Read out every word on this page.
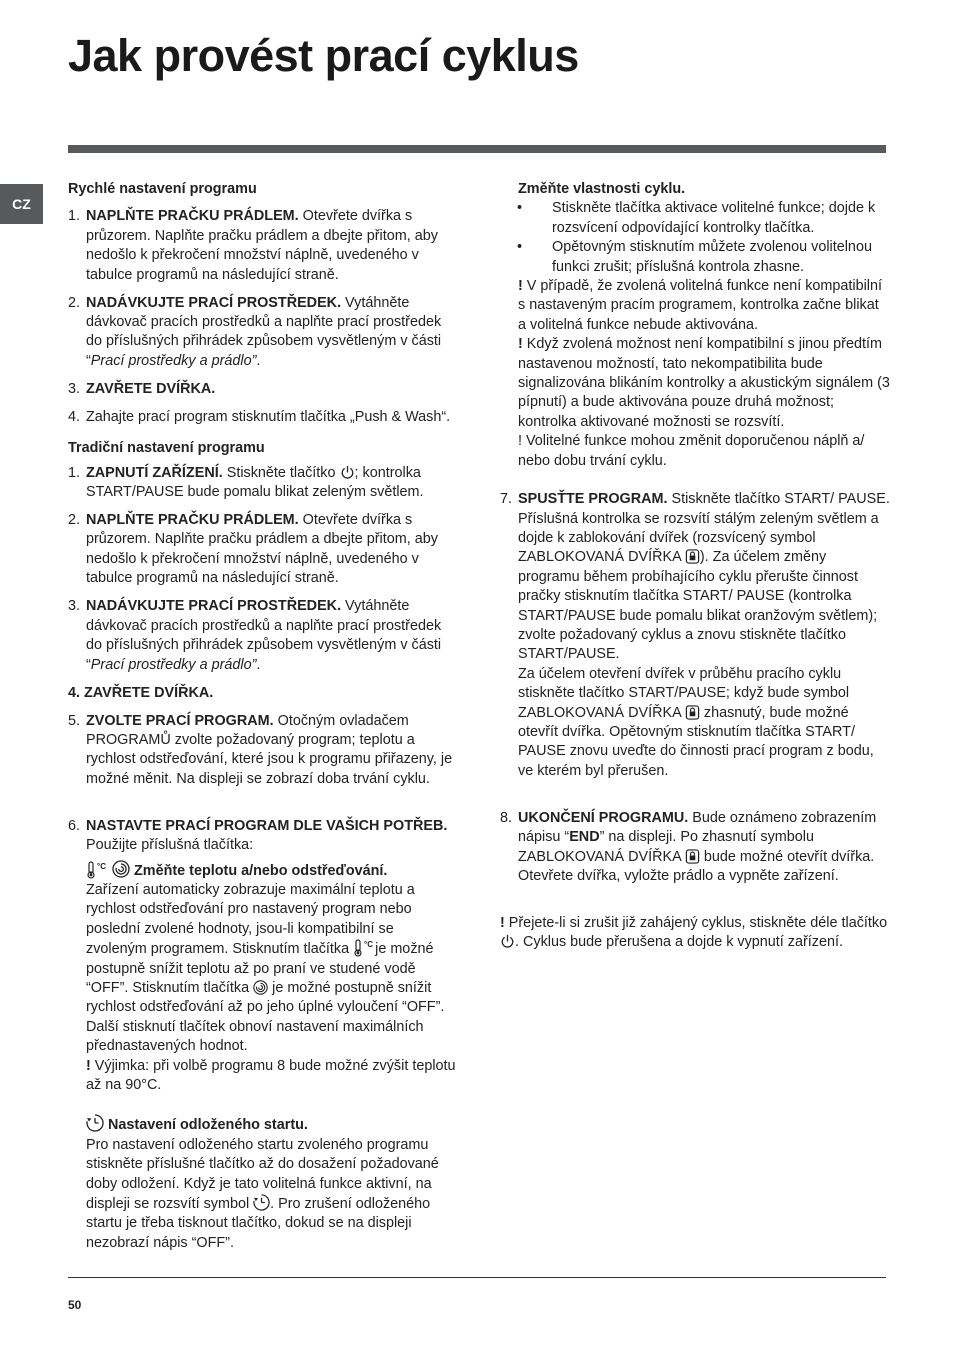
Jak provést prací cyklus
CZ

Rychlé nastavení programu

1. NAPLŇTE PRAČKU PRÁDLEM. Otevřete dvířka s průzorem. Naplňte pračku prádlem a dbejte přitom, aby nedošlo k překročení množství náplně, uvedeného v tabulce programů na následující straně.
2. NADÁVKUJTE PRACÍ PROSTŘEDEK. Vytáhněte dávkovač pracích prostředků a naplňte prací prostředek do příslušných přihrádek způsobem vysvětleným v části “Prací prostředky a prádlo”.
3. ZAVŘETE DVÍŘKA.
4. Zahajte prací program stisknutím tlačítka „Push & Wash“.

Tradiční nastavení programu

1. ZAPNUTÍ ZAŘÍZENÍ. Stiskněte tlačítko
; kontrolka START/PAUSE bude pomalu blikat zeleným světlem.
2. NAPLŇTE PRAČKU PRÁDLEM. Otevřete dvířka s průzorem. Naplňte pračku prádlem a dbejte přitom, aby nedošlo k překročení množství náplně, uvedeného v tabulce programů na následující straně.
3. NADÁVKUJTE PRACÍ PROSTŘEDEK. Vytáhněte dávkovač pracích prostředků a naplňte prací prostředek do příslušných přihrádek způsobem vysvětleným v části “Prací prostředky a prádlo”.

4. ZAVŘETE DVÍŘKA.

5. ZVOLTE PRACÍ PROGRAM. Otočným ovladačem PROGRAMŮ zvolte požadovaný program; teplotu a rychlost odstřeďování, které jsou k programu přiřazeny, je možné měnit. Na displeji se zobrazí doba trvání cyklu.
6. NASTAVTE PRACÍ PROGRAM DLE VAŠICH POTŘEB. Použijte příslušná tlačítka:

°C
Změňte teplotu a/nebo odstřeďování.

Zařízení automaticky zobrazuje maximální teplotu a rychlost odstřeďování pro nastavený program nebo poslední zvolené hodnoty, jsou-li kompatibilní se zvoleným programem. Stisknutím tlačítka °C
je možné postupně snížit teplotu až po praní ve studené vodě “OFF”. Stisknutím tlačítka
je možné postupně snížit rychlost odstřeďování až po jeho úplné vyloučení “OFF”. Další stisknutí tlačítek obnoví nastavení maximálních přednastavených hodnot.

! Výjimka: při volbě programu 8 bude možné zvýšit teplotu až na 90°C.

Nastavení odloženého startu.

Pro nastavení odloženého startu zvoleného programu stiskněte příslušné tlačítko až do dosažení požadované doby odložení. Když je tato volitelná funkce aktivní, na displeji se rozsvítí symbol
. Pro zrušení odloženého startu je třeba tisknout tlačítko, dokud se na displeji nezobrazí nápis “OFF”.

Změňte vlastnosti cyklu.

•	Stiskněte tlačítka aktivace volitelné funkce; dojde k rozsvícení odpovídající kontrolky tlačítka.
•	Opětovným stisknutím můžete zvolenou volitelnou funkci zrušit; příslušná kontrola zhasne.

! V případě, že zvolená volitelná funkce není kompatibilní s nastaveným pracím programem, kontrolka začne blikat a volitelná funkce nebude aktivována.

! Když zvolená možnost není kompatibilní s jinou předtím nastavenou možností, tato nekompatibilita bude signalizována blikáním kontrolky a akustickým signálem (3 pípnutí) a bude aktivována pouze druhá možnost; kontrolka aktivované možnosti se rozsvítí.

! Volitelné funkce mohou změnit doporučenou náplň a/ nebo dobu trvání cyklu.

7. SPUSŤTE PROGRAM. Stiskněte tlačítko START/ PAUSE. Příslušná kontrolka se rozsvítí stálým zeleným světlem a dojde k zablokování dvířek (rozsvícený symbol ZABLOKOVANÁ DVÍŘKA
). Za účelem změny programu během probíhajícího cyklu přerušte činnost pračky stisknutím tlačítka START/ PAUSE (kontrolka START/PAUSE bude pomalu blikat oranžovým světlem); zvolte požadovaný cyklus a znovu stiskněte tlačítko START/PAUSE.
Za účelem otevření dvířek v průběhu pracího cyklu stiskněte tlačítko START/PAUSE; když bude symbol ZABLOKOVANÁ DVÍŘKA
zhasnutý, bude možné otevřít dvířka. Opětovným stisknutím tlačítka START/ PAUSE znovu uveďte do činnosti prací program z bodu, ve kterém byl přerušen.
8. UKONČENÍ PROGRAMU. Bude oznámeno zobrazením nápisu “END” na displeji. Po zhasnutí symbolu ZABLOKOVANÁ DVÍŘKA
bude možné otevřít dvířka. Otevřete dvířka, vyložte prádlo a vypněte zařízení.

! Přejete-li si zrušit již zahájený cyklus, stiskněte déle tlačítko
. Cyklus bude přerušena a dojde k vypnutí zařízení.

50
